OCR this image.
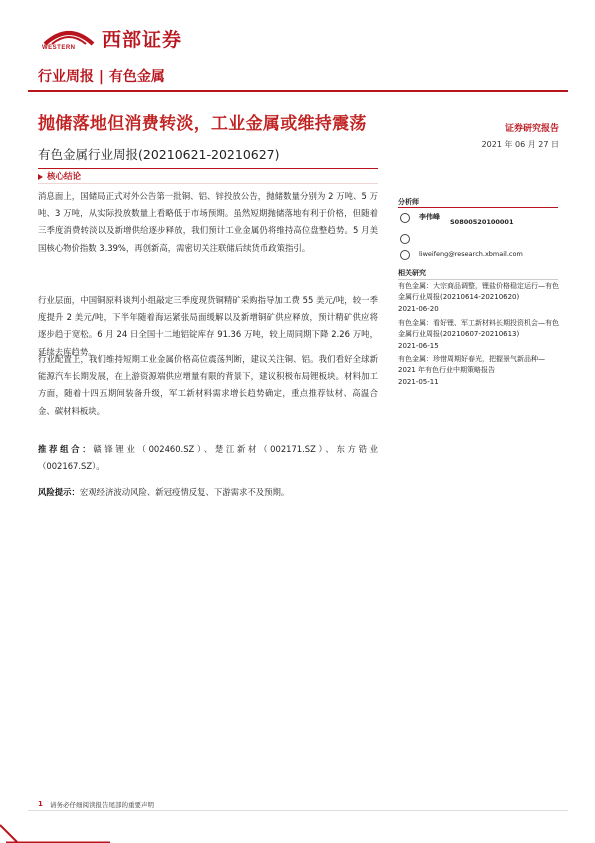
WESTERN 西部证券
行业周报 | 有色金属
抛储落地但消费转淡，工业金属或维持震荡	证券研究报告
有色金属行业周报(20210621-20210627)
2021 年 06 月 27 日
核心结论
消息面上，国储局正式对外公告第一批铜、铝、锌投放公告，抛储数量分别为 2 万吨、5 万吨、3 万吨，从实际投放数量上看略低于市场预期。虽然短期抛储落地有利于价格，但随着三季度消费转淡以及新增供给逐步释放，我们预计工业金属仍将维持高位盘整趋势。5 月美国核心物价指数 3.39%，再创新高，需密切关注联储后续货币政策指引。
行业层面，中国铜原料谈判小组敲定三季度现货铜精矿采购指导加工费 55 美元/吨，较一季度提升 2 美元/吨，下半年随着海运紧张局面缓解以及新增铜矿供应释放，预计精矿供应将逐步趋于宽松。6 月 24 日全国十二地铝锭库存 91.36 万吨，较上周同期下降 2.26 万吨，延续去库趋势。
行业配置上，我们维持短期工业金属价格高位震荡判断，建议关注铜、铝。我们看好全球新能源汽车长期发展，在上游资源端供应增量有限的背景下，建议积极布局锂板块。材料加工方面，随着十四五期间装备升级，军工新材料需求增长趋势确定，重点推荐钛材、高温合金、碳材料板块。
推荐组合：赣锋锂业（002460.SZ）、楚江新材（002171.SZ）、东方锆业（002167.SZ）。
风险提示：宏观经济波动风险、新冠疫情反复、下游需求不及预期。
分析师
李伟峰
S0800520100001
liweifeng@research.xbmail.com
相关研究
有色金属：大宗商品调整，锂盐价格稳定运行—有色金属行业周报(20210614-20210620)
2021-06-20
有色金属：看好锂、军工新材料长期投资机会—有色金属行业周报(20210607-20210613)
2021-06-15
有色金属：珍惜周期好春光，把握景气新品种—2021 年有色行业中期策略报告
2021-05-11
1 请务必仔细阅读报告尾部的重要声明
